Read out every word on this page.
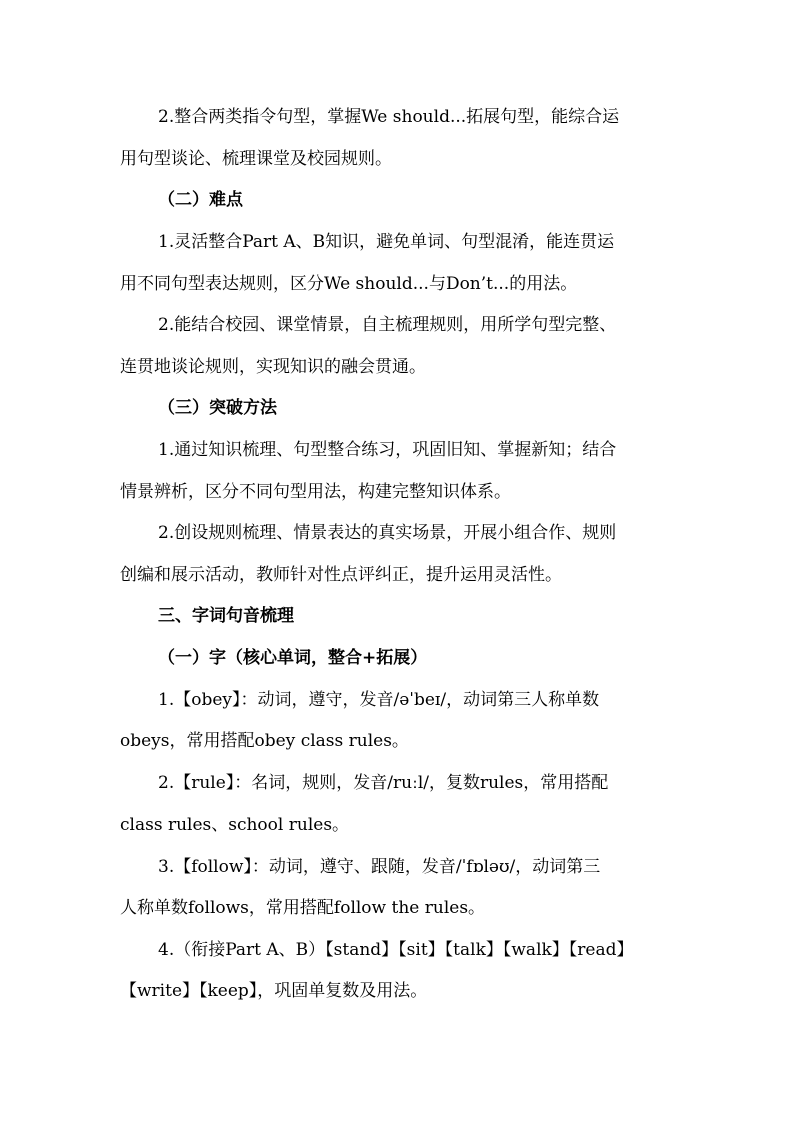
2.整合两类指令句型，掌握We should...拓展句型，能综合运
用句型谈论、梳理课堂及校园规则。
（二）难点
1.灵活整合Part A、B知识，避免单词、句型混淆，能连贯运
用不同句型表达规则，区分We should...与Don’t...的用法。
2.能结合校园、课堂情景，自主梳理规则，用所学句型完整、
连贯地谈论规则，实现知识的融会贯通。
（三）突破方法
1.通过知识梳理、句型整合练习，巩固旧知、掌握新知；结合
情景辨析，区分不同句型用法，构建完整知识体系。
2.创设规则梳理、情景表达的真实场景，开展小组合作、规则
创编和展示活动，教师针对性点评纠正，提升运用灵活性。
三、字词句音梳理
（一）字（核心单词，整合+拓展）
1.【obey】：动词，遵守，发音/əˈbeɪ/，动词第三人称单数
obeys，常用搭配obey class rules。
2.【rule】：名词，规则，发音/ruːl/，复数rules，常用搭配
class rules、school rules。
3.【follow】：动词，遵守、跟随，发音/ˈfɒləʊ/，动词第三
人称单数follows，常用搭配follow the rules。
4.（衔接Part A、B）【stand】【sit】【talk】【walk】【read】
【write】【keep】，巩固单复数及用法。
